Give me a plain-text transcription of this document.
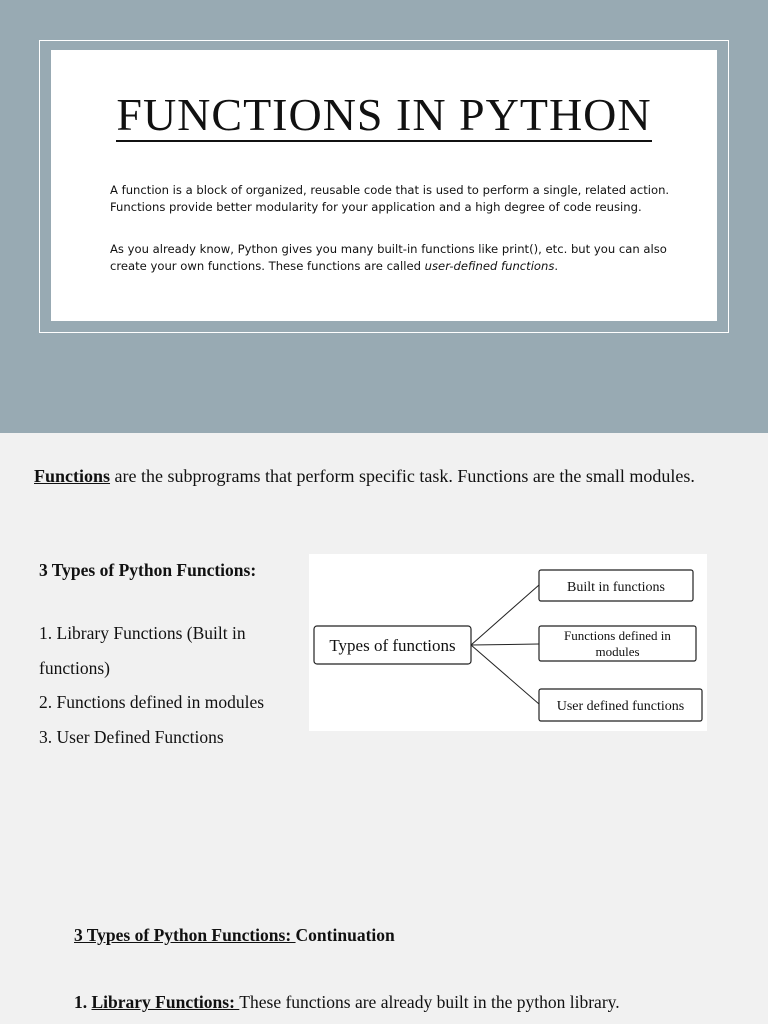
FUNCTIONS IN PYTHON
A function is a block of organized, reusable code that is used to perform a single, related action. Functions provide better modularity for your application and a high degree of code reusing.
As you already know, Python gives you many built-in functions like print(), etc. but you can also create your own functions. These functions are called user-defined functions.
Functions are the subprograms that perform specific task. Functions are the small modules.
3 Types of Python Functions:
1. Library Functions (Built in
functions)
2. Functions defined in modules
3. User Defined Functions
Types of functions
Built in functions
Functions defined in
modules
User defined functions
3 Types of Python Functions: Continuation
1. Library Functions: These functions are already built in the python library.
